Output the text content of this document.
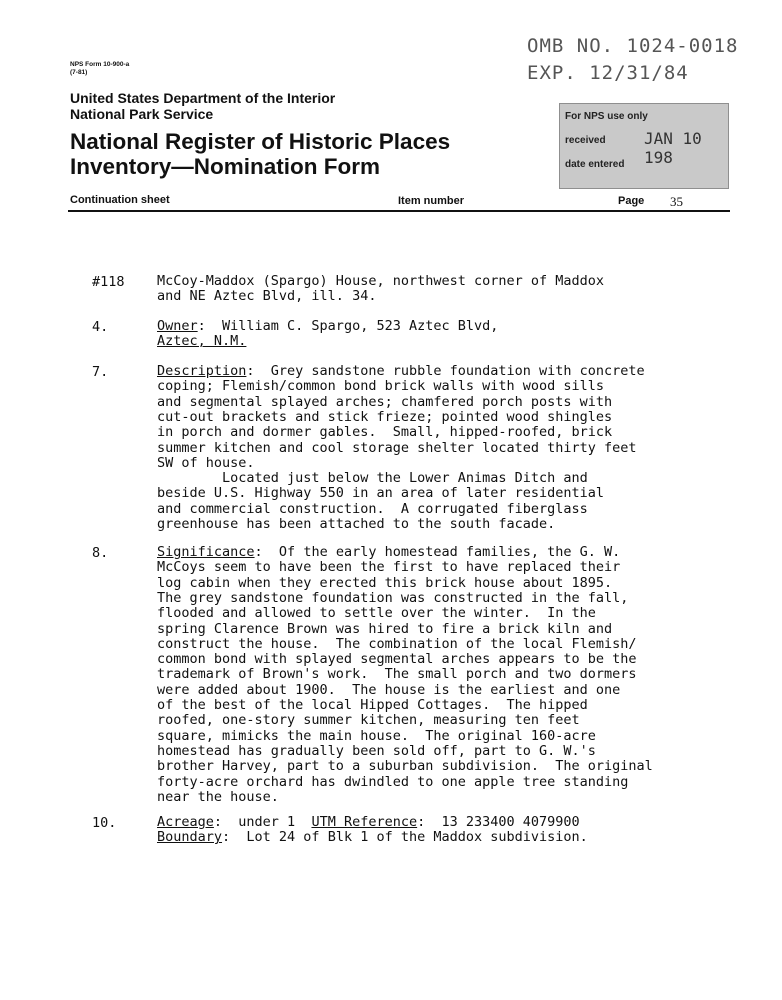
OMB NO. 1024-0018
EXP. 12/31/84
NPS Form 10-900-a
(7-81)
United States Department of the Interior
National Park Service
National Register of Historic Places
Inventory—Nomination Form
For NPS use only
received JAN 10 198
date entered
Continuation sheet	Item number	Page 35
#118 McCoy-Maddox (Spargo) House, northwest corner of Maddox
and NE Aztec Blvd, ill. 34.
4.	Owner:  William C. Spargo, 523 Aztec Blvd,
Aztec, N.M.
7.	Description:  Grey sandstone rubble foundation with concrete
coping; Flemish/common bond brick walls with wood sills
and segmental splayed arches; chamfered porch posts with
cut-out brackets and stick frieze; pointed wood shingles
in porch and dormer gables.  Small, hipped-roofed, brick
summer kitchen and cool storage shelter located thirty feet
SW of house.
Located just below the Lower Animas Ditch and
beside U.S. Highway 550 in an area of later residential
and commercial construction.  A corrugated fiberglass
greenhouse has been attached to the south facade.
8.	Significance:  Of the early homestead families, the G. W.
McCoys seem to have been the first to have replaced their
log cabin when they erected this brick house about 1895.
The grey sandstone foundation was constructed in the fall,
flooded and allowed to settle over the winter.  In the
spring Clarence Brown was hired to fire a brick kiln and
construct the house.  The combination of the local Flemish/
common bond with splayed segmental arches appears to be the
trademark of Brown's work.  The small porch and two dormers
were added about 1900.  The house is the earliest and one
of the best of the local Hipped Cottages.  The hipped
roofed, one-story summer kitchen, measuring ten feet
square, mimicks the main house.  The original 160-acre
homestead has gradually been sold off, part to G. W.'s
brother Harvey, part to a suburban subdivision.  The original
forty-acre orchard has dwindled to one apple tree standing
near the house.
10.	Acreage:  under 1  UTM Reference:  13 233400 4079900
Boundary:  Lot 24 of Blk 1 of the Maddox subdivision.
